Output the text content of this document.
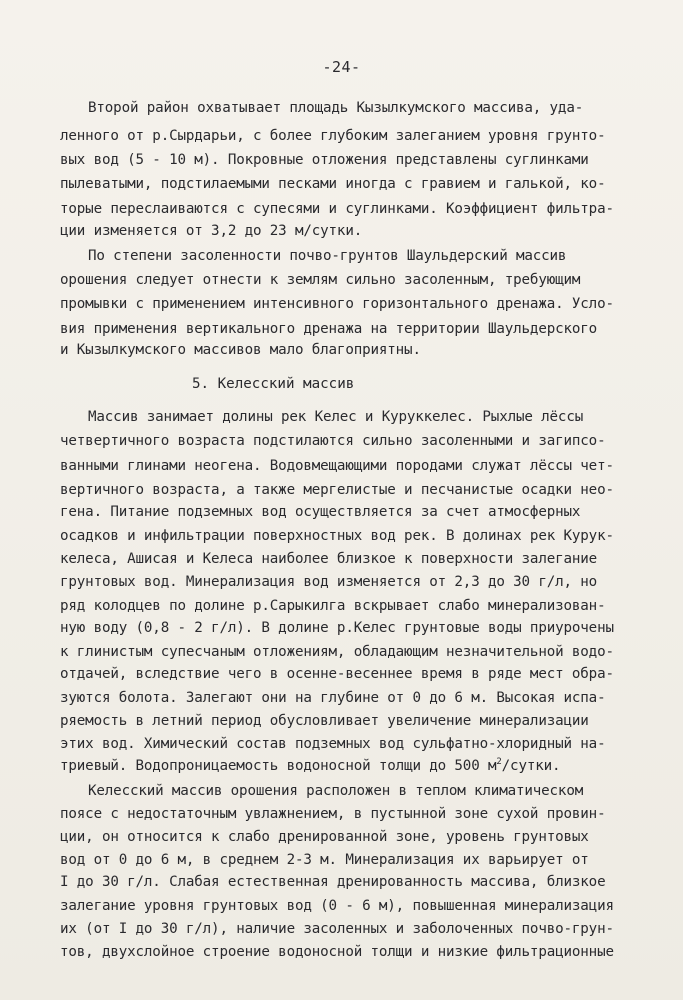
-24-
Второй район охватывает площадь Кызылкумского массива, уда-
ленного от р.Сырдарьи, с более глубоким залеганием уровня грунто-
вых вод (5 - 10 м). Покровные отложения представлены суглинками
пылеватыми, подстилаемыми песками иногда с гравием и галькой, ко-
торые переслаиваются с супесями и суглинками. Коэффициент фильтра-
ции изменяется от 3,2 до 23 м/сутки.
По степени засоленности почво-грунтов Шаульдерский массив
орошения следует отнести к землям сильно засоленным, требующим
промывки с применением интенсивного горизонтального дренажа. Усло-
вия применения вертикального дренажа на территории Шаульдерского
и Кызылкумского массивов мало благоприятны.
5. Келесский массив
Массив занимает долины рек Келес и Куруккелес. Рыхлые лёссы
четвертичного возраста подстилаются сильно засоленными и загипсо-
ванными глинами неогена. Водовмещающими породами служат лёссы чет-
вертичного возраста, а также мергелистые и песчанистые осадки нео-
гена. Питание подземных вод осуществляется за счет атмосферных
осадков и инфильтрации поверхностных вод рек. В долинах рек Курук-
келеса, Ашисая и Келеса наиболее близкое к поверхности залегание
грунтовых вод. Минерализация вод изменяется от 2,3 до 30 г/л, но
ряд колодцев по долине р.Сарыкилга вскрывает слабо минерализован-
ную воду (0,8 - 2 г/л). В долине р.Келес грунтовые воды приурочены
к глинистым супесчаным отложениям, обладающим незначительной водо-
отдачей, вследствие чего в осенне-весеннее время в ряде мест обра-
зуются болота. Залегают они на глубине от 0 до 6 м. Высокая испа-
ряемость в летний период обусловливает увеличение минерализации
этих вод. Химический состав подземных вод сульфатно-хлоридный на-
триевый. Водопроницаемость водоносной толщи до 500 $м^2$/сутки.
Келесский массив орошения расположен в теплом климатическом
поясе с недостаточным увлажнением, в пустынной зоне сухой провин-
ции, он относится к слабо дренированной зоне, уровень грунтовых
вод от 0 до 6 м, в среднем 2-3 м. Минерализация их варьирует от
I до 30 г/л. Слабая естественная дренированность массива, близкое
залегание уровня грунтовых вод (0 - 6 м), повышенная минерализация
их (от I до 30 г/л), наличие засоленных и заболоченных почво-грун-
тов, двухслойное строение водоносной толщи и низкие фильтрационные
